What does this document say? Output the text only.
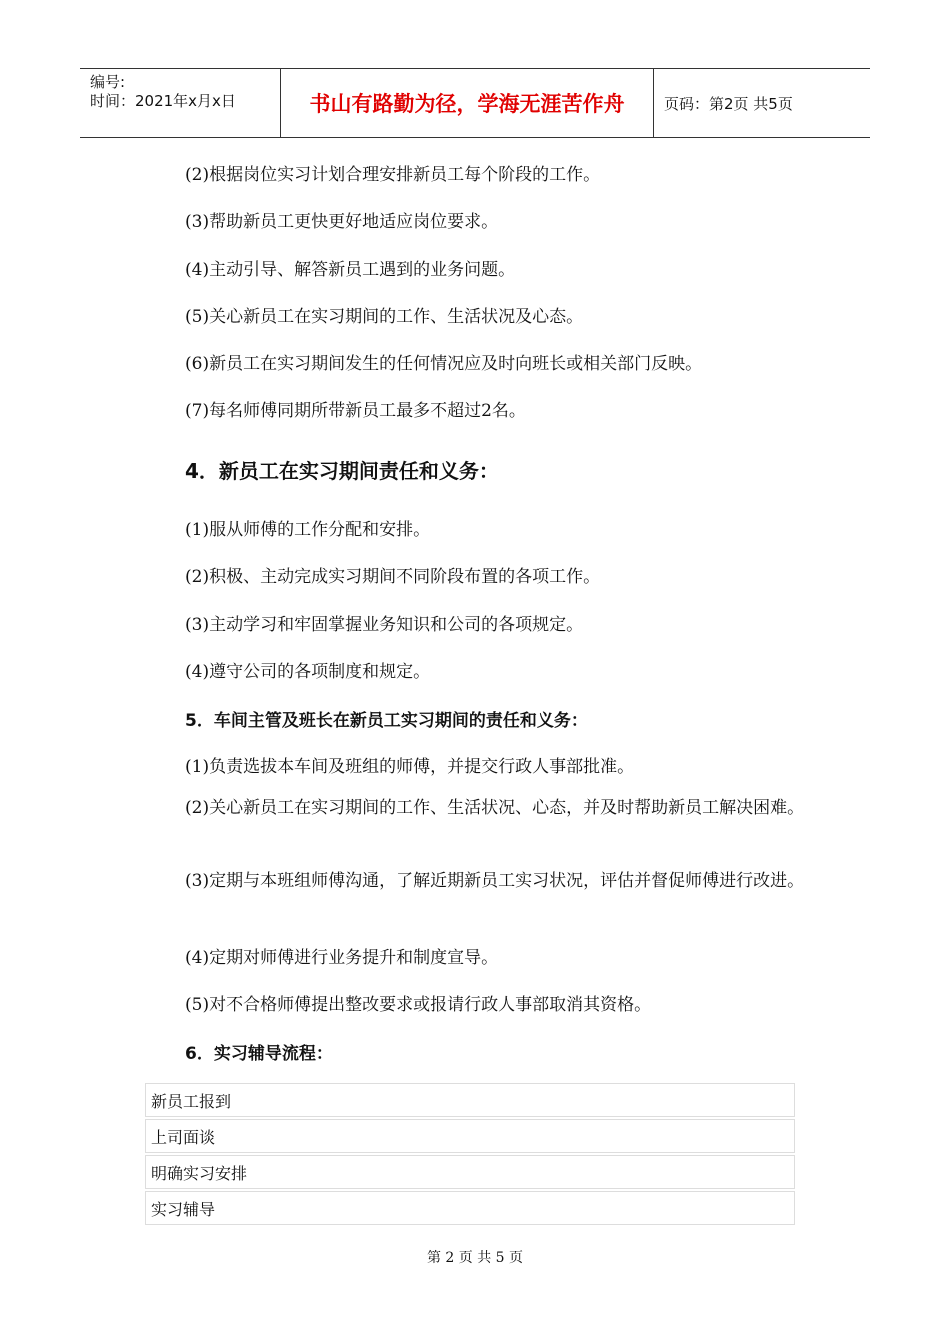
编号:
时间：2021年x月x日	书山有路勤为径，学海无涯苦作舟	页码：第2页 共5页
(2)根据岗位实习计划合理安排新员工每个阶段的工作。
(3)帮助新员工更快更好地适应岗位要求。
(4)主动引导、解答新员工遇到的业务问题。
(5)关心新员工在实习期间的工作、生活状况及心态。
(6)新员工在实习期间发生的任何情况应及时向班长或相关部门反映。
(7)每名师傅同期所带新员工最多不超过2名。
4．新员工在实习期间责任和义务：
(1)服从师傅的工作分配和安排。
(2)积极、主动完成实习期间不同阶段布置的各项工作。
(3)主动学习和牢固掌握业务知识和公司的各项规定。
(4)遵守公司的各项制度和规定。
5．车间主管及班长在新员工实习期间的责任和义务：
(1)负责选拔本车间及班组的师傅，并提交行政人事部批准。
(2)关心新员工在实习期间的工作、生活状况、心态，并及时帮助新员工解决困难。
(3)定期与本班组师傅沟通，了解近期新员工实习状况，评估并督促师傅进行改进。
(4)定期对师傅进行业务提升和制度宣导。
(5)对不合格师傅提出整改要求或报请行政人事部取消其资格。
6．实习辅导流程：
新员工报到
上司面谈
明确实习安排
实习辅导
第 2 页 共 5 页
